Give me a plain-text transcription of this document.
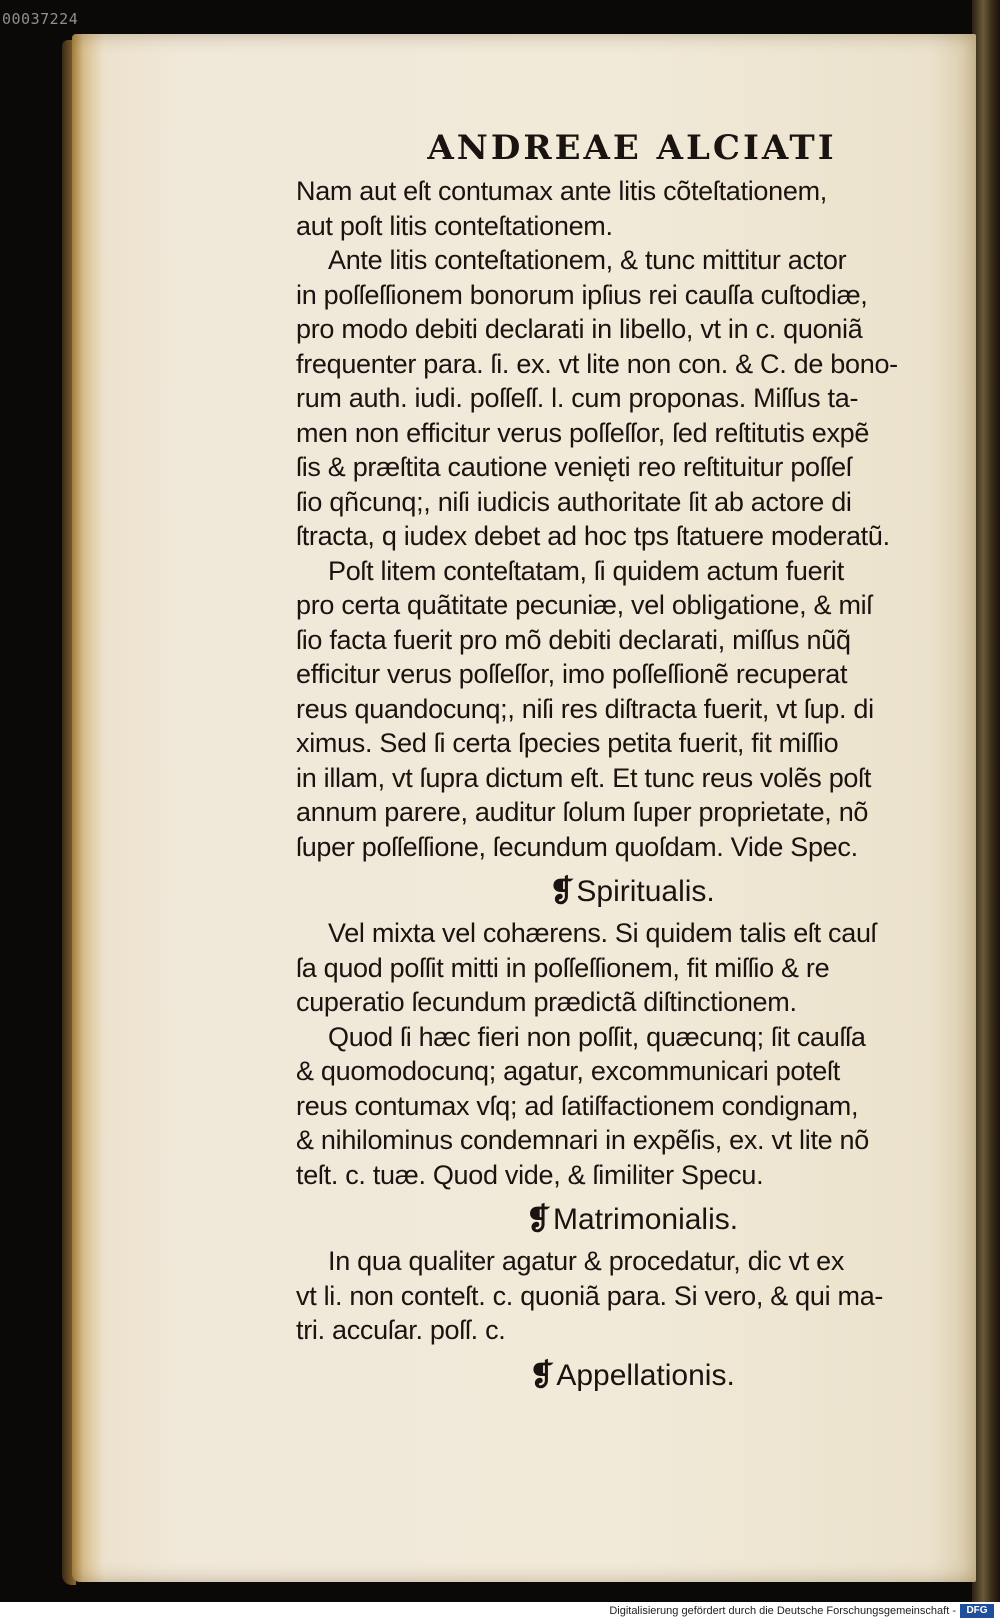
00037224
ANDREAE ALCIATI

Nam aut eſt contumax ante litis cõteſtationem,

aut poſt litis conteſtationem.

Ante litis conteſtationem, & tunc mittitur actor

in poſſeſſionem bonorum ipſius rei cauſſa cuſtodiæ,

pro modo debiti declarati in libello, vt in c. quoniã

frequenter para. ſi. ex. vt lite non con. & C. de bono-

rum auth. iudi. poſſeſſ. l. cum proponas. Miſſus ta-

men non efficitur verus poſſeſſor, ſed reſtitutis expẽ

ſis & præſtita cautione venięti reo reſtituitur poſſeſ

ſio qñcunq;, niſi iudicis authoritate ſit ab actore di

ſtracta, q iudex debet ad hoc tps ſtatuere moderatũ.

Poſt litem conteſtatam, ſi quidem actum fuerit

pro certa quãtitate pecuniæ, vel obligatione, & miſ

ſio facta fuerit pro mõ debiti declarati, miſſus nũq̃

efficitur verus poſſeſſor, imo poſſeſſionẽ recuperat

reus quandocunq;, niſi res diſtracta fuerit, vt ſup. di

ximus. Sed ſi certa ſpecies petita fuerit, fit miſſio

in illam, vt ſupra dictum eſt. Et tunc reus volẽs poſt

annum parere, auditur ſolum ſuper proprietate, nõ

ſuper poſſeſſione, ſecundum quoſdam. Vide Spec.

❡Spiritualis.

Vel mixta vel cohærens. Si quidem talis eſt cauſ

ſa quod poſſit mitti in poſſeſſionem, fit miſſio & re

cuperatio ſecundum prædictã diſtinctionem.

Quod ſi hæc fieri non poſſit, quæcunq; ſit cauſſa

& quomodocunq; agatur, excommunicari poteſt

reus contumax vſq; ad ſatiſfactionem condignam,

& nihilominus condemnari in expẽſis, ex. vt lite nõ

teſt. c. tuæ. Quod vide, & ſimiliter Specu.

❡Matrimonialis.

In qua qualiter agatur & procedatur, dic vt ex

vt li. non conteſt. c. quoniã para. Si vero, & qui ma-

tri. accuſar. poſſ. c.

❡Appellationis.
Digitalisierung gefördert durch die Deutsche Forschungsgemeinschaft -	DFG
